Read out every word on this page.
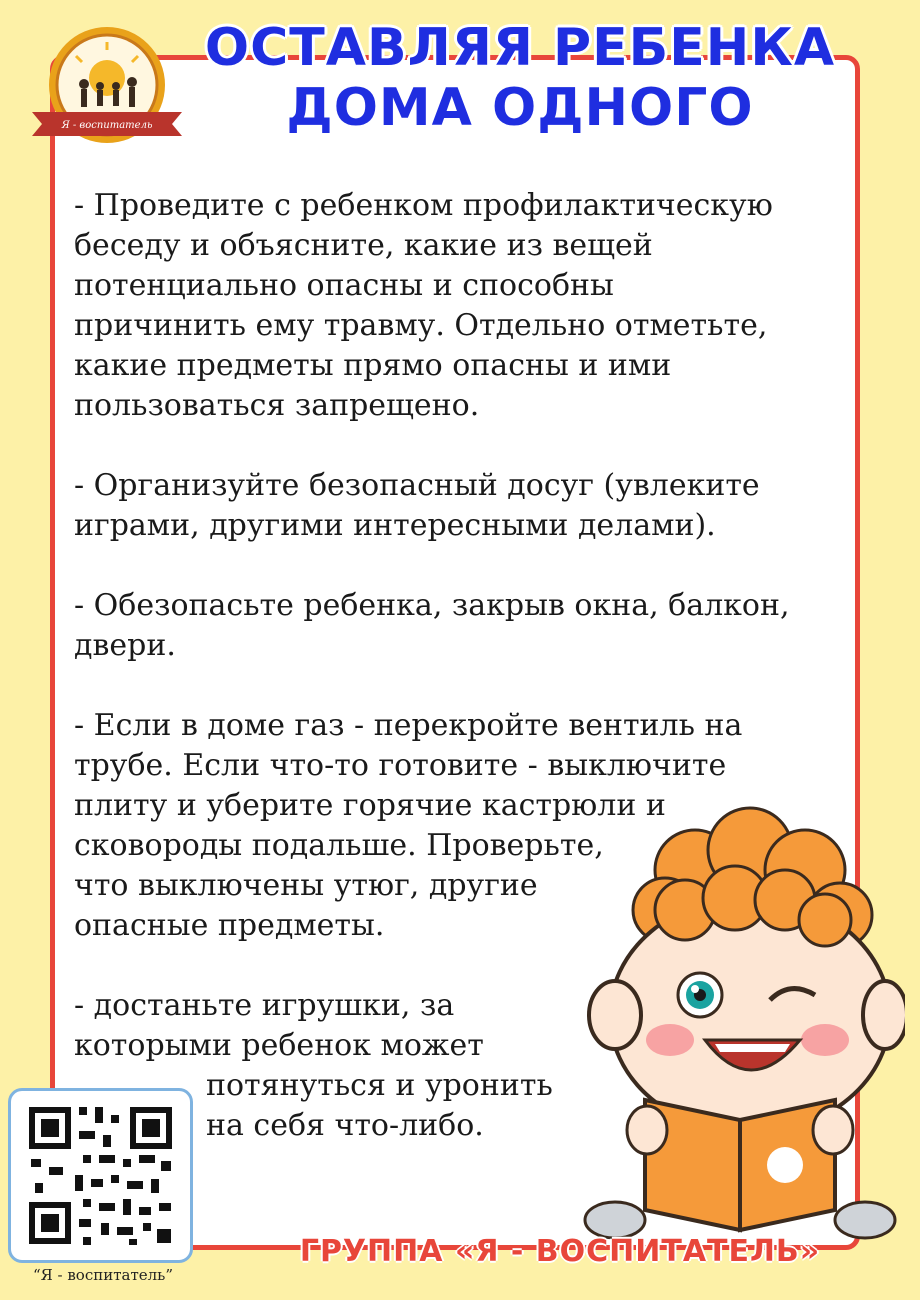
Я - воспитатель
ОСТАВЛЯЯ РЕБЕНКА
ДОМА ОДНОГО

- Проведите с ребенком профилактическую
беседу и объясните, какие из вещей
потенциально опасны и способны
причинить ему травму. Отдельно отметьте,
какие предметы прямо опасны и ими
пользоваться запрещено.

- Организуйте безопасный досуг (увлеките
играми, другими интересными делами).

- Обезопасьте ребенка, закрыв окна, балкон,
двери.

- Если в доме газ - перекройте вентиль на
трубе. Если что-то готовите - выключите
плиту и уберите горячие кастрюли и
сковороды подальше. Проверьте,
что выключены утюг, другие
опасные предметы.

- достаньте игрушки, за
которыми ребенок может

потянуться и уронить
на себя что-либо.

“Я - воспитатель”
ГРУППА «Я - ВОСПИТАТЕЛЬ»
